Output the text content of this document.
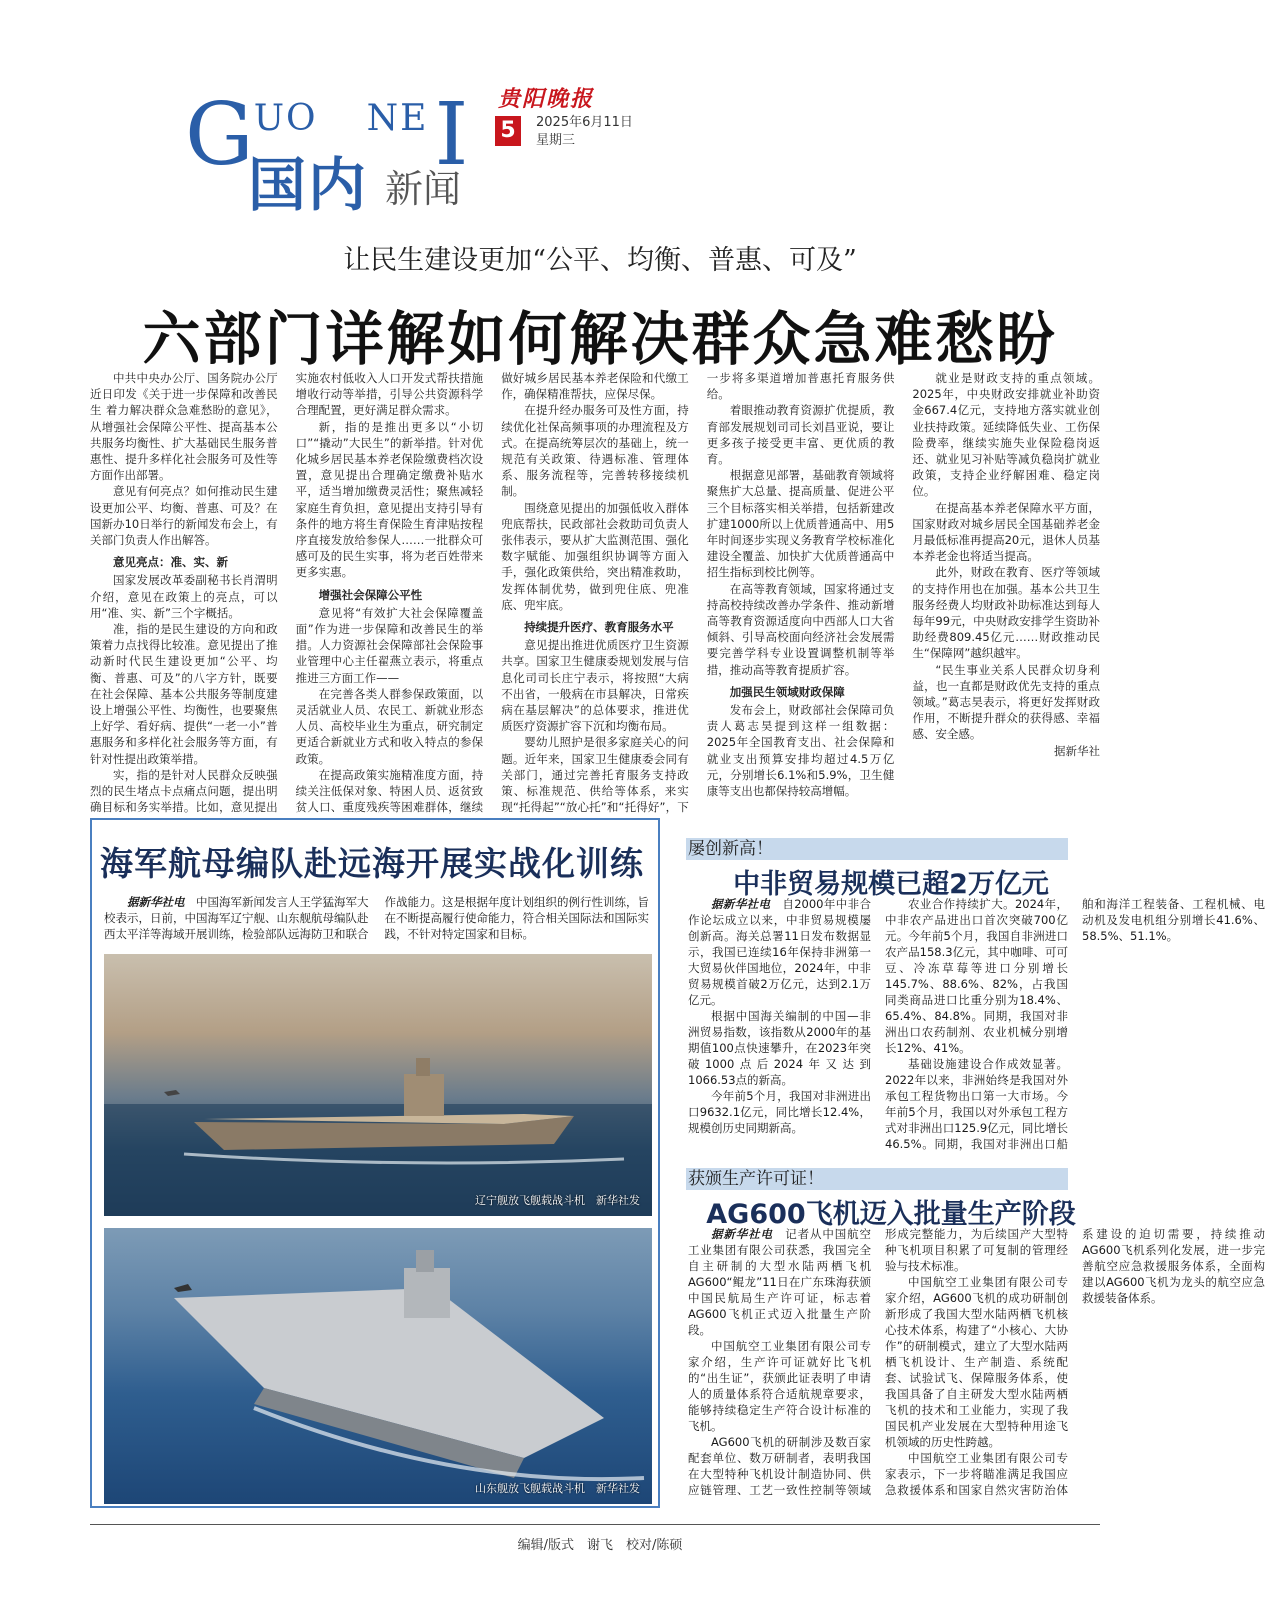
GUO NEI
国内 新闻
贵阳晚报
5	2025年6月11日
星期三
让民生建设更加“公平、均衡、普惠、可及”
六部门详解如何解决群众急难愁盼

中共中央办公厅、国务院办公厅近日印发《关于进一步保障和改善民生 着力解决群众急难愁盼的意见》，从增强社会保障公平性、提高基本公共服务均衡性、扩大基础民生服务普惠性、提升多样化社会服务可及性等方面作出部署。

意见有何亮点？如何推动民生建设更加公平、均衡、普惠、可及？在国新办10日举行的新闻发布会上，有关部门负责人作出解答。

意见亮点：准、实、新

国家发展改革委副秘书长肖渭明介绍，意见在政策上的亮点，可以用“准、实、新”三个字概括。

准，指的是民生建设的方向和政策着力点找得比较准。意见提出了推动新时代民生建设更加“公平、均衡、普惠、可及”的八字方针，既要在社会保障、基本公共服务等制度建设上增强公平性、均衡性，也要聚焦上好学、看好病、提供“一老一小”普惠服务和多样化社会服务等方面，有针对性提出政策举措。

实，指的是针对人民群众反映强烈的民生堵点卡点痛点问题，提出明确目标和务实举措。比如，意见提出实施农村低收入人口开发式帮扶措施增收行动等举措，引导公共资源科学合理配置，更好满足群众需求。

新，指的是推出更多以“小切口”“撬动”大民生”的新举措。针对优化城乡居民基本养老保险缴费档次设置，意见提出合理确定缴费补贴水平，适当增加缴费灵活性；聚焦减轻家庭生育负担，意见提出支持引导有条件的地方将生育保险生育津贴按程序直接发放给参保人……一批群众可感可及的民生实事，将为老百姓带来更多实惠。

增强社会保障公平性

意见将“有效扩大社会保障覆盖面”作为进一步保障和改善民生的举措。人力资源社会保障部社会保险事业管理中心主任翟燕立表示，将重点推进三方面工作——

在完善各类人群参保政策面，以灵活就业人员、农民工、新就业形态人员、高校毕业生为重点，研究制定更适合新就业方式和收入特点的参保政策。

在提高政策实施精准度方面，持续关注低保对象、特困人员、返贫致贫人口、重度残疾等困难群体，继续做好城乡居民基本养老保险和代缴工作，确保精准帮扶，应保尽保。

在提升经办服务可及性方面，持续优化社保高频事项的办理流程及方式。在提高统筹层次的基础上，统一规范有关政策、待遇标准、管理体系、服务流程等，完善转移接续机制。

围绕意见提出的加强低收入群体兜底帮扶，民政部社会救助司负责人张伟表示，要从扩大监测范围、强化数字赋能、加强组织协调等方面入手，强化政策供给，突出精准救助，发挥体制优势，做到兜住底、兜准底、兜牢底。

持续提升医疗、教育服务水平

意见提出推进优质医疗卫生资源共享。国家卫生健康委规划发展与信息化司司长庄宁表示，将按照“大病不出省，一般病在市县解决，日常疾病在基层解决”的总体要求，推进优质医疗资源扩容下沉和均衡布局。

婴幼儿照护是很多家庭关心的问题。近年来，国家卫生健康委会同有关部门，通过完善托育服务支持政策、标准规范、供给等体系，来实现“托得起”“放心托”和“托得好”，下一步将多渠道增加普惠托育服务供给。

着眼推动教育资源扩优提质，教育部发展规划司司长刘昌亚说，要让更多孩子接受更丰富、更优质的教育。

根据意见部署，基础教育领域将聚焦扩大总量、提高质量、促进公平三个目标落实相关举措，包括新建改扩建1000所以上优质普通高中、用5年时间逐步实现义务教育学校标准化建设全覆盖、加快扩大优质普通高中招生指标到校比例等。

在高等教育领域，国家将通过支持高校持续改善办学条件、推动新增高等教育资源适度向中西部人口大省倾斜、引导高校面向经济社会发展需要完善学科专业设置调整机制等举措，推动高等教育提质扩容。

加强民生领域财政保障

发布会上，财政部社会保障司负责人葛志昊提到这样一组数据：2025年全国教育支出、社会保障和就业支出预算安排均超过4.5万亿元，分别增长6.1%和5.9%，卫生健康等支出也都保持较高增幅。

就业是财政支持的重点领域。2025年，中央财政安排就业补助资金667.4亿元，支持地方落实就业创业扶持政策。延续降低失业、工伤保险费率，继续实施失业保险稳岗返还、就业见习补贴等减负稳岗扩就业政策，支持企业纾解困难、稳定岗位。

在提高基本养老保障水平方面，国家财政对城乡居民全国基础养老金月最低标准再提高20元，退休人员基本养老金也将适当提高。

此外，财政在教育、医疗等领域的支持作用也在加强。基本公共卫生服务经费人均财政补助标准达到每人每年99元，中央财政安排学生资助补助经费809.45亿元……财政推动民生“保障网”越织越牢。

“民生事业关系人民群众切身利益，也一直都是财政优先支持的重点领域。”葛志昊表示，将更好发挥财政作用，不断提升群众的获得感、幸福感、安全感。

据新华社

海军航母编队赴远海开展实战化训练

据新华社电　 中国海军新闻发言人王学猛海军大校表示，日前，中国海军辽宁舰、山东舰航母编队赴西太平洋等海域开展训练，检验部队远海防卫和联合作战能力。这是根据年度计划组织的例行性训练，旨在不断提高履行使命能力，符合相关国际法和国际实践，不针对特定国家和目标。

辽宁舰放飞舰载战斗机　 新华社发
山东舰放飞舰载战斗机　 新华社发
屡创新高！
中非贸易规模已超2万亿元

据新华社电　 自2000年中非合作论坛成立以来，中非贸易规模屡创新高。海关总署11日发布数据显示，我国已连续16年保持非洲第一大贸易伙伴国地位，2024年，中非贸易规模首破2万亿元，达到2.1万亿元。

根据中国海关编制的中国—非洲贸易指数，该指数从2000年的基期值100点快速攀升，在2023年突破1000点后2024年又达到1066.53点的新高。

今年前5个月，我国对非洲进出口9632.1亿元，同比增长12.4%，规模创历史同期新高。

农业合作持续扩大。2024年，中非农产品进出口首次突破700亿元。今年前5个月，我国自非洲进口农产品158.3亿元，其中咖啡、可可豆、冷冻草莓等进口分别增长145.7%、88.6%、82%，占我国同类商品进口比重分别为18.4%、65.4%、84.8%。同期，我国对非洲出口农药制剂、农业机械分别增长12%、41%。

基础设施建设合作成效显著。2022年以来，非洲始终是我国对外承包工程货物出口第一大市场。今年前5个月，我国以对外承包工程方式对非洲出口125.9亿元，同比增长46.5%。同期，我国对非洲出口船舶和海洋工程装备、工程机械、电动机及发电机组分别增长41.6%、58.5%、51.1%。

获颁生产许可证！
AG600飞机迈入批量生产阶段

据新华社电　 记者从中国航空工业集团有限公司获悉，我国完全自主研制的大型水陆两栖飞机AG600“鲲龙”11日在广东珠海获颁中国民航局生产许可证，标志着AG600飞机正式迈入批量生产阶段。

中国航空工业集团有限公司专家介绍，生产许可证就好比飞机的“出生证”，获颁此证表明了申请人的质量体系符合适航规章要求，能够持续稳定生产符合设计标准的飞机。

AG600飞机的研制涉及数百家配套单位、数万研制者，表明我国在大型特种飞机设计制造协同、供应链管理、工艺一致性控制等领域形成完整能力，为后续国产大型特种飞机项目积累了可复制的管理经验与技术标准。

中国航空工业集团有限公司专家介绍，AG600飞机的成功研制创新形成了我国大型水陆两栖飞机核心技术体系，构建了“小核心、大协作”的研制模式，建立了大型水陆两栖飞机设计、生产制造、系统配套、试验试飞、保障服务体系，使我国具备了自主研发大型水陆两栖飞机的技术和工业能力，实现了我国民机产业发展在大型特种用途飞机领域的历史性跨越。

中国航空工业集团有限公司专家表示，下一步将瞄准满足我国应急救援体系和国家自然灾害防治体系建设的迫切需要，持续推动AG600飞机系列化发展，进一步完善航空应急救援服务体系，全面构建以AG600飞机为龙头的航空应急救援装备体系。

编辑/版式　谢飞　校对/陈硕
